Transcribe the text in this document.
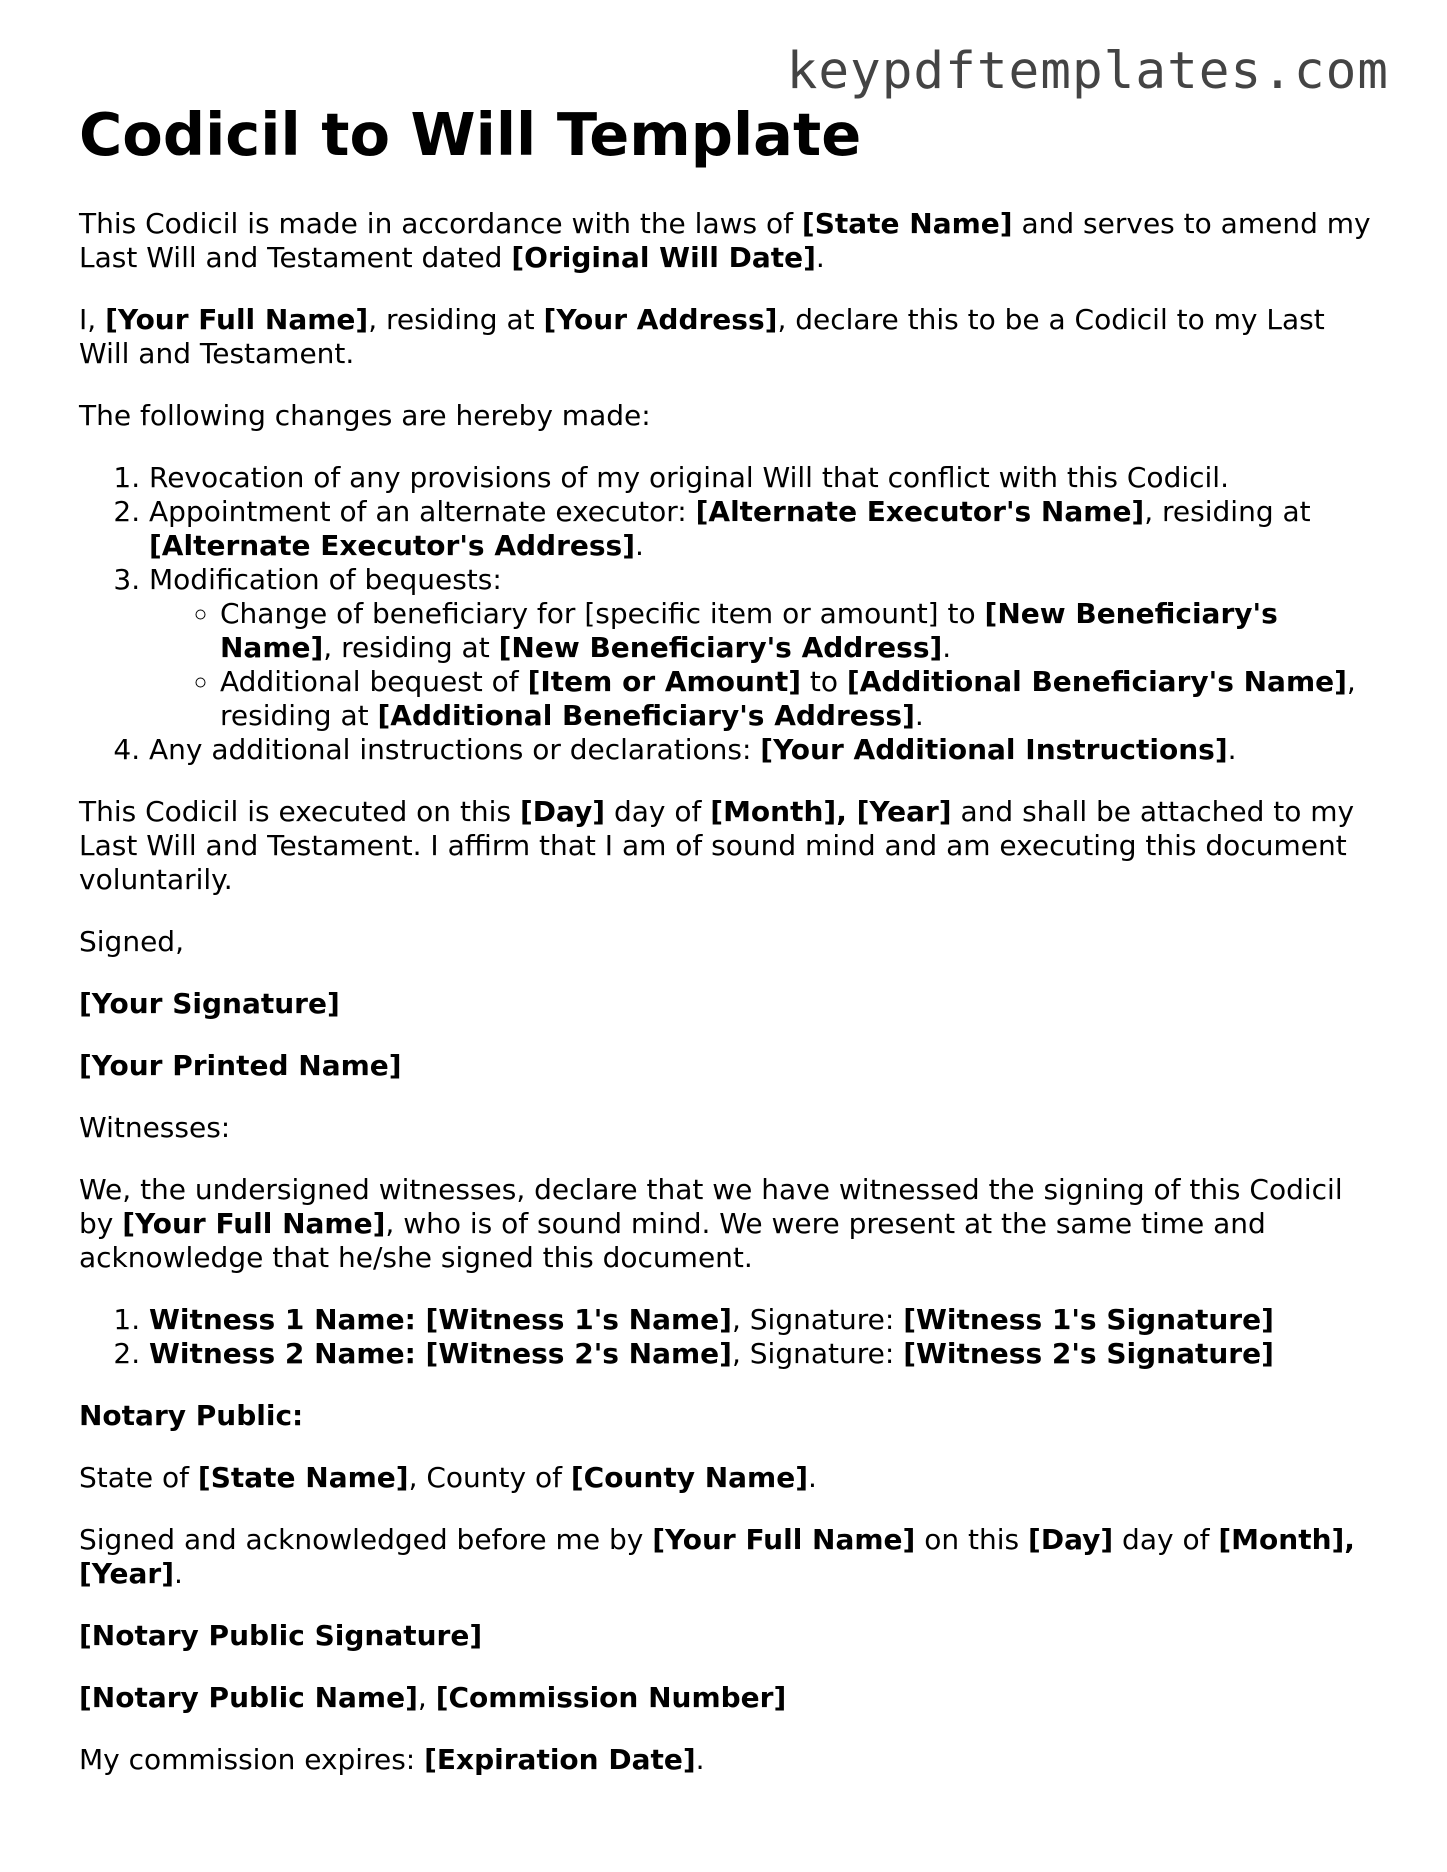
keypdftemplates.com
Codicil to Will Template

This Codicil is made in accordance with the laws of [State Name] and serves to amend my Last Will and Testament dated [Original Will Date].

I, [Your Full Name], residing at [Your Address], declare this to be a Codicil to my Last Will and Testament.

The following changes are hereby made:

1. Revocation of any provisions of my original Will that conflict with this Codicil.
2. Appointment of an alternate executor: [Alternate Executor's Name], residing at [Alternate Executor's Address].
3. Modification of bequests:
◦ Change of beneficiary for [specific item or amount] to [New Beneficiary's Name], residing at [New Beneficiary's Address].
◦ Additional bequest of [Item or Amount] to [Additional Beneficiary's Name], residing at [Additional Beneficiary's Address].
4. Any additional instructions or declarations: [Your Additional Instructions].

This Codicil is executed on this [Day] day of [Month], [Year] and shall be attached to my Last Will and Testament. I affirm that I am of sound mind and am executing this document voluntarily.

Signed,

[Your Signature]

[Your Printed Name]

Witnesses:

We, the undersigned witnesses, declare that we have witnessed the signing of this Codicil by [Your Full Name], who is of sound mind. We were present at the same time and acknowledge that he/she signed this document.

1. Witness 1 Name: [Witness 1's Name], Signature: [Witness 1's Signature]
2. Witness 2 Name: [Witness 2's Name], Signature: [Witness 2's Signature]

Notary Public:

State of [State Name], County of [County Name].

Signed and acknowledged before me by [Your Full Name] on this [Day] day of [Month], [Year].

[Notary Public Signature]

[Notary Public Name], [Commission Number]

My commission expires: [Expiration Date].
